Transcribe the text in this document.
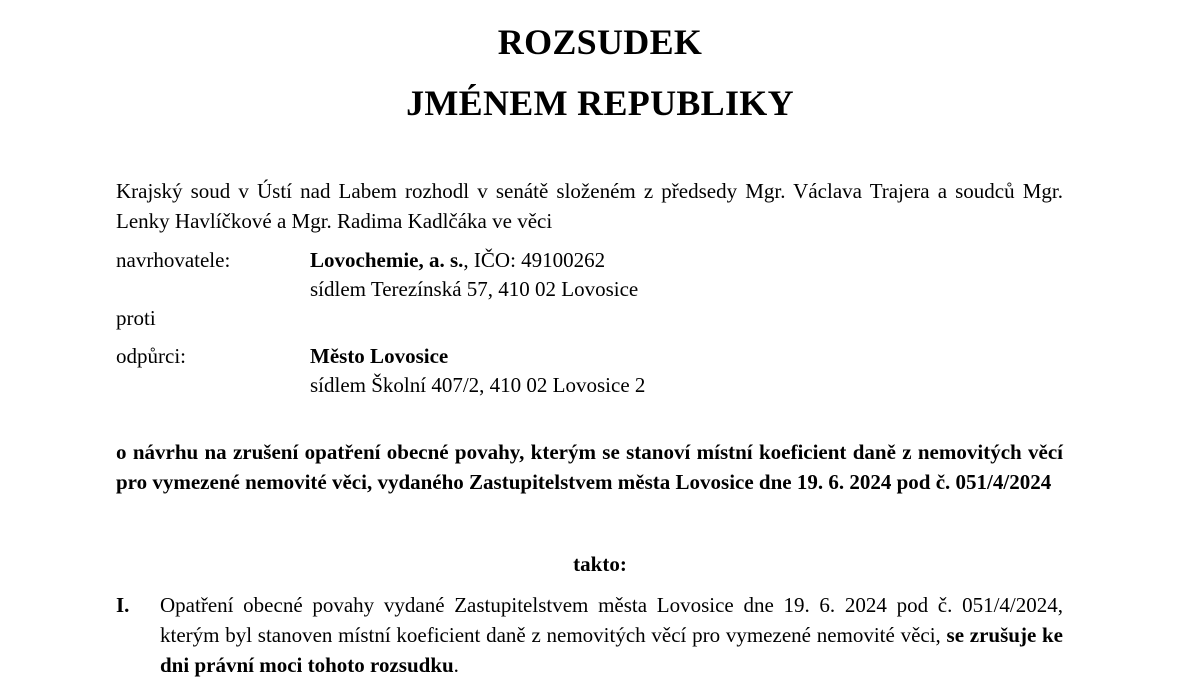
ROZSUDEK
JMÉNEM REPUBLIKY
Krajský soud v Ústí nad Labem rozhodl v senátě složeném z předsedy Mgr. Václava Trajera a soudců Mgr. Lenky Havlíčkové a Mgr. Radima Kadlčáka ve věci
navrhovatele:	Lovochemie, a. s., IČO: 49100262
sídlem Terezínská 57, 410 02 Lovosice
proti
odpůrci:	Město Lovosice
sídlem Školní 407/2, 410 02 Lovosice 2
o návrhu na zrušení opatření obecné povahy, kterým se stanoví místní koeficient daně z nemovitých věcí pro vymezené nemovité věci, vydaného Zastupitelstvem města Lovosice dne 19. 6. 2024 pod č. 051/4/2024
takto:
I. Opatření obecné povahy vydané Zastupitelstvem města Lovosice dne 19. 6. 2024 pod č. 051/4/2024, kterým byl stanoven místní koeficient daně z nemovitých věcí pro vymezené nemovité věci, se zrušuje ke dni právní moci tohoto rozsudku.
